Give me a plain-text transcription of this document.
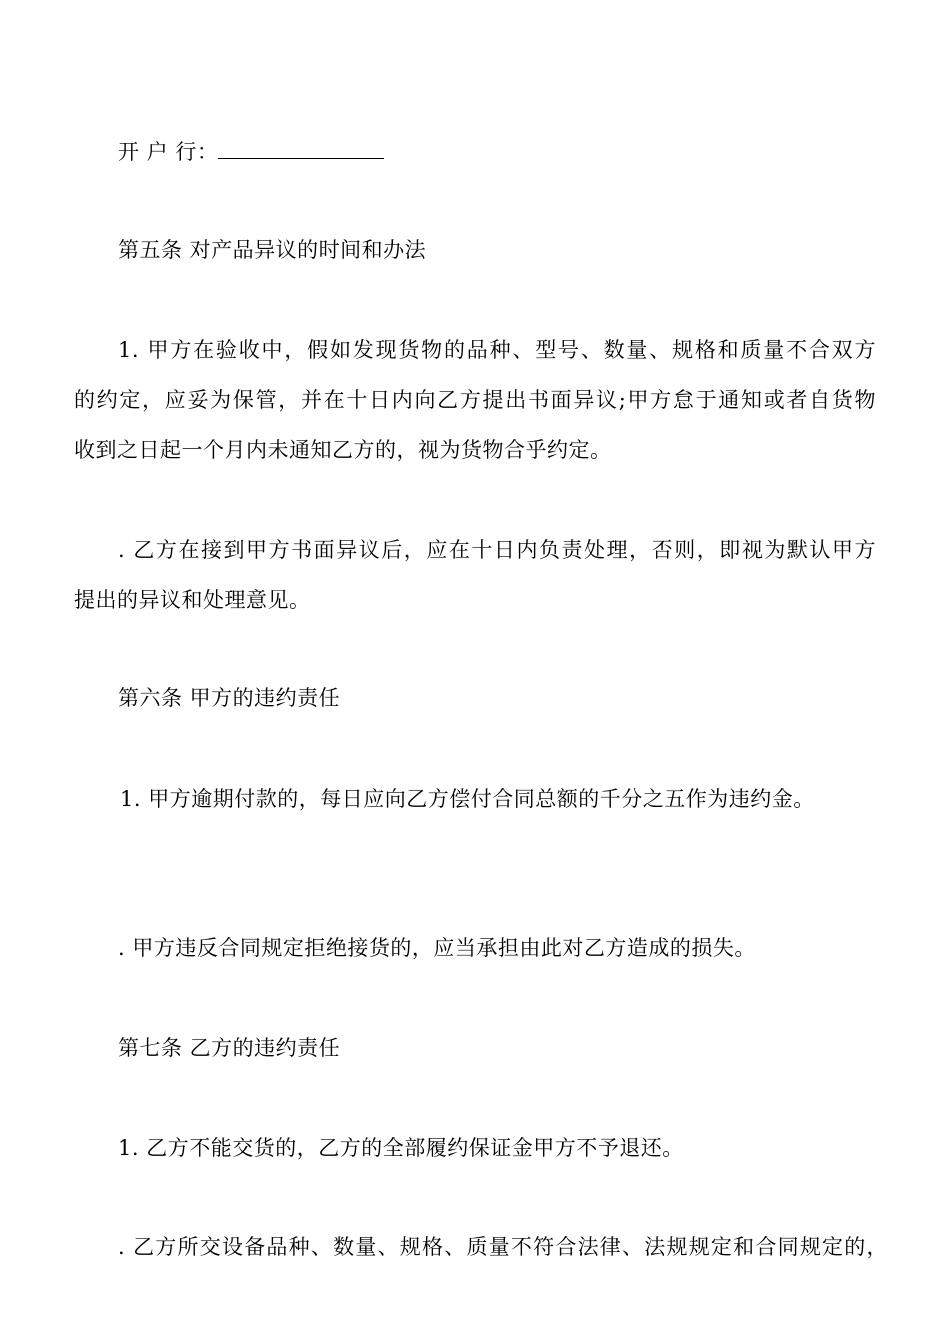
开 户 行：
第五条 对产品异议的时间和办法
1. 甲方在验收中，假如发现货物的品种、型号、数量、规格和质量不合双方
的约定，应妥为保管，并在十日内向乙方提出书面异议;甲方怠于通知或者自货物
收到之日起一个月内未通知乙方的，视为货物合乎约定。
. 乙方在接到甲方书面异议后，应在十日内负责处理，否则，即视为默认甲方
提出的异议和处理意见。
第六条 甲方的违约责任
1. 甲方逾期付款的，每日应向乙方偿付合同总额的千分之五作为违约金。
. 甲方违反合同规定拒绝接货的，应当承担由此对乙方造成的损失。
第七条 乙方的违约责任
1. 乙方不能交货的，乙方的全部履约保证金甲方不予退还。
. 乙方所交设备品种、数量、规格、质量不符合法律、法规规定和合同规定的，
